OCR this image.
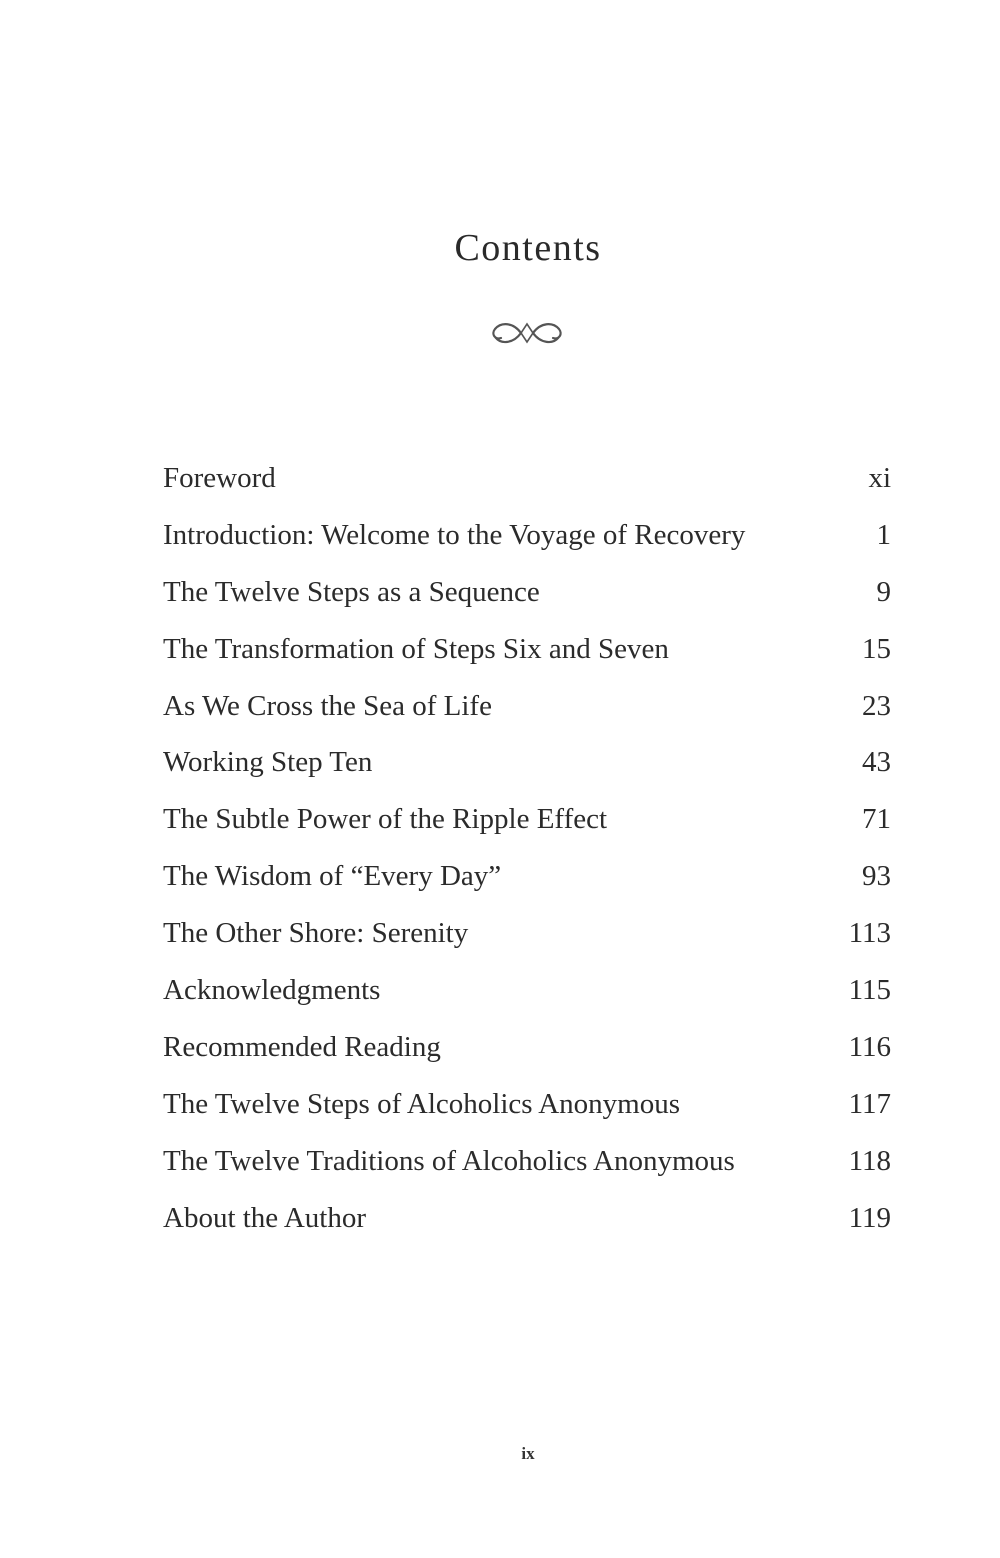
Contents
Foreword	xi
Introduction: Welcome to the Voyage of Recovery	1
The Twelve Steps as a Sequence	9
The Transformation of Steps Six and Seven	15
As We Cross the Sea of Life	23
Working Step Ten	43
The Subtle Power of the Ripple Effect	71
The Wisdom of “Every Day”	93
The Other Shore: Serenity	113
Acknowledgments	115
Recommended Reading	116
The Twelve Steps of Alcoholics Anonymous	117
The Twelve Traditions of Alcoholics Anonymous	118
About the Author	119
ix
